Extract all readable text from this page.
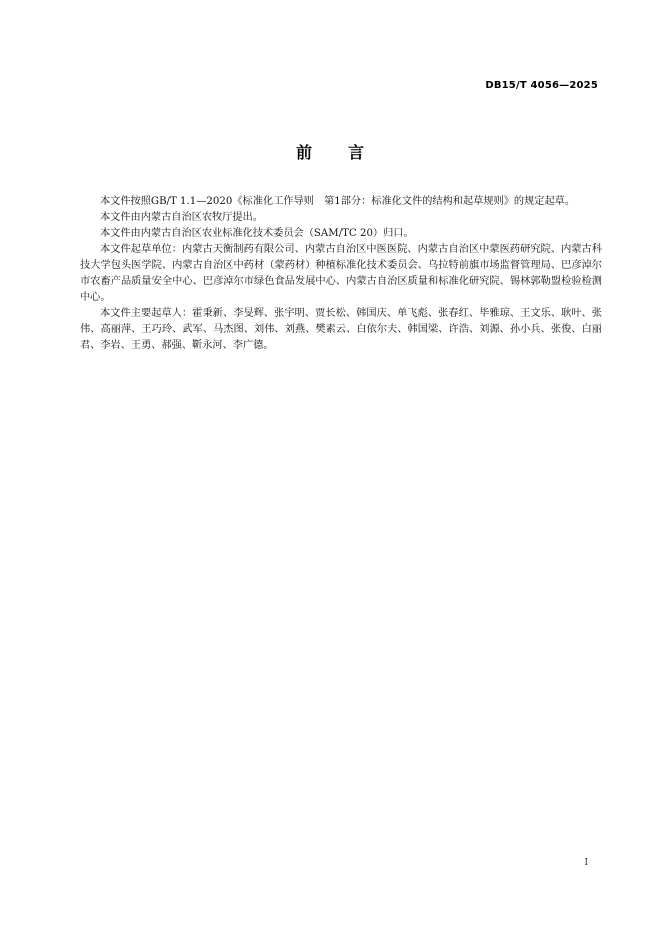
DB15/T 4056—2025
前 言

本文件按照GB/T 1.1—2020《标准化工作导则　第1部分：标准化文件的结构和起草规则》的规定起草。

本文件由内蒙古自治区农牧厅提出。

本文件由内蒙古自治区农业标准化技术委员会（SAM/TC 20）归口。

本文件起草单位：内蒙古天衡制药有限公司、内蒙古自治区中医医院、内蒙古自治区中蒙医药研究院、内蒙古科技大学包头医学院、内蒙古自治区中药材（蒙药材）种植标准化技术委员会、乌拉特前旗市场监督管理局、巴彦淖尔市农畜产品质量安全中心、巴彦淖尔市绿色食品发展中心、内蒙古自治区质量和标准化研究院、锡林郭勒盟检验检测中心。

本文件主要起草人：霍秉新、李旻辉、张宇明、贾长松、韩国庆、单飞彪、张春红、毕雅琼、王文乐、耿叶、张伟、高丽萍、王巧玲、武军、马杰图、刘伟、刘燕、樊素云、白依尔夫、韩国梁、许浩、刘源、孙小兵、张俊、白丽君、李岩、王勇、郝强、靳永河、李广德。

I
